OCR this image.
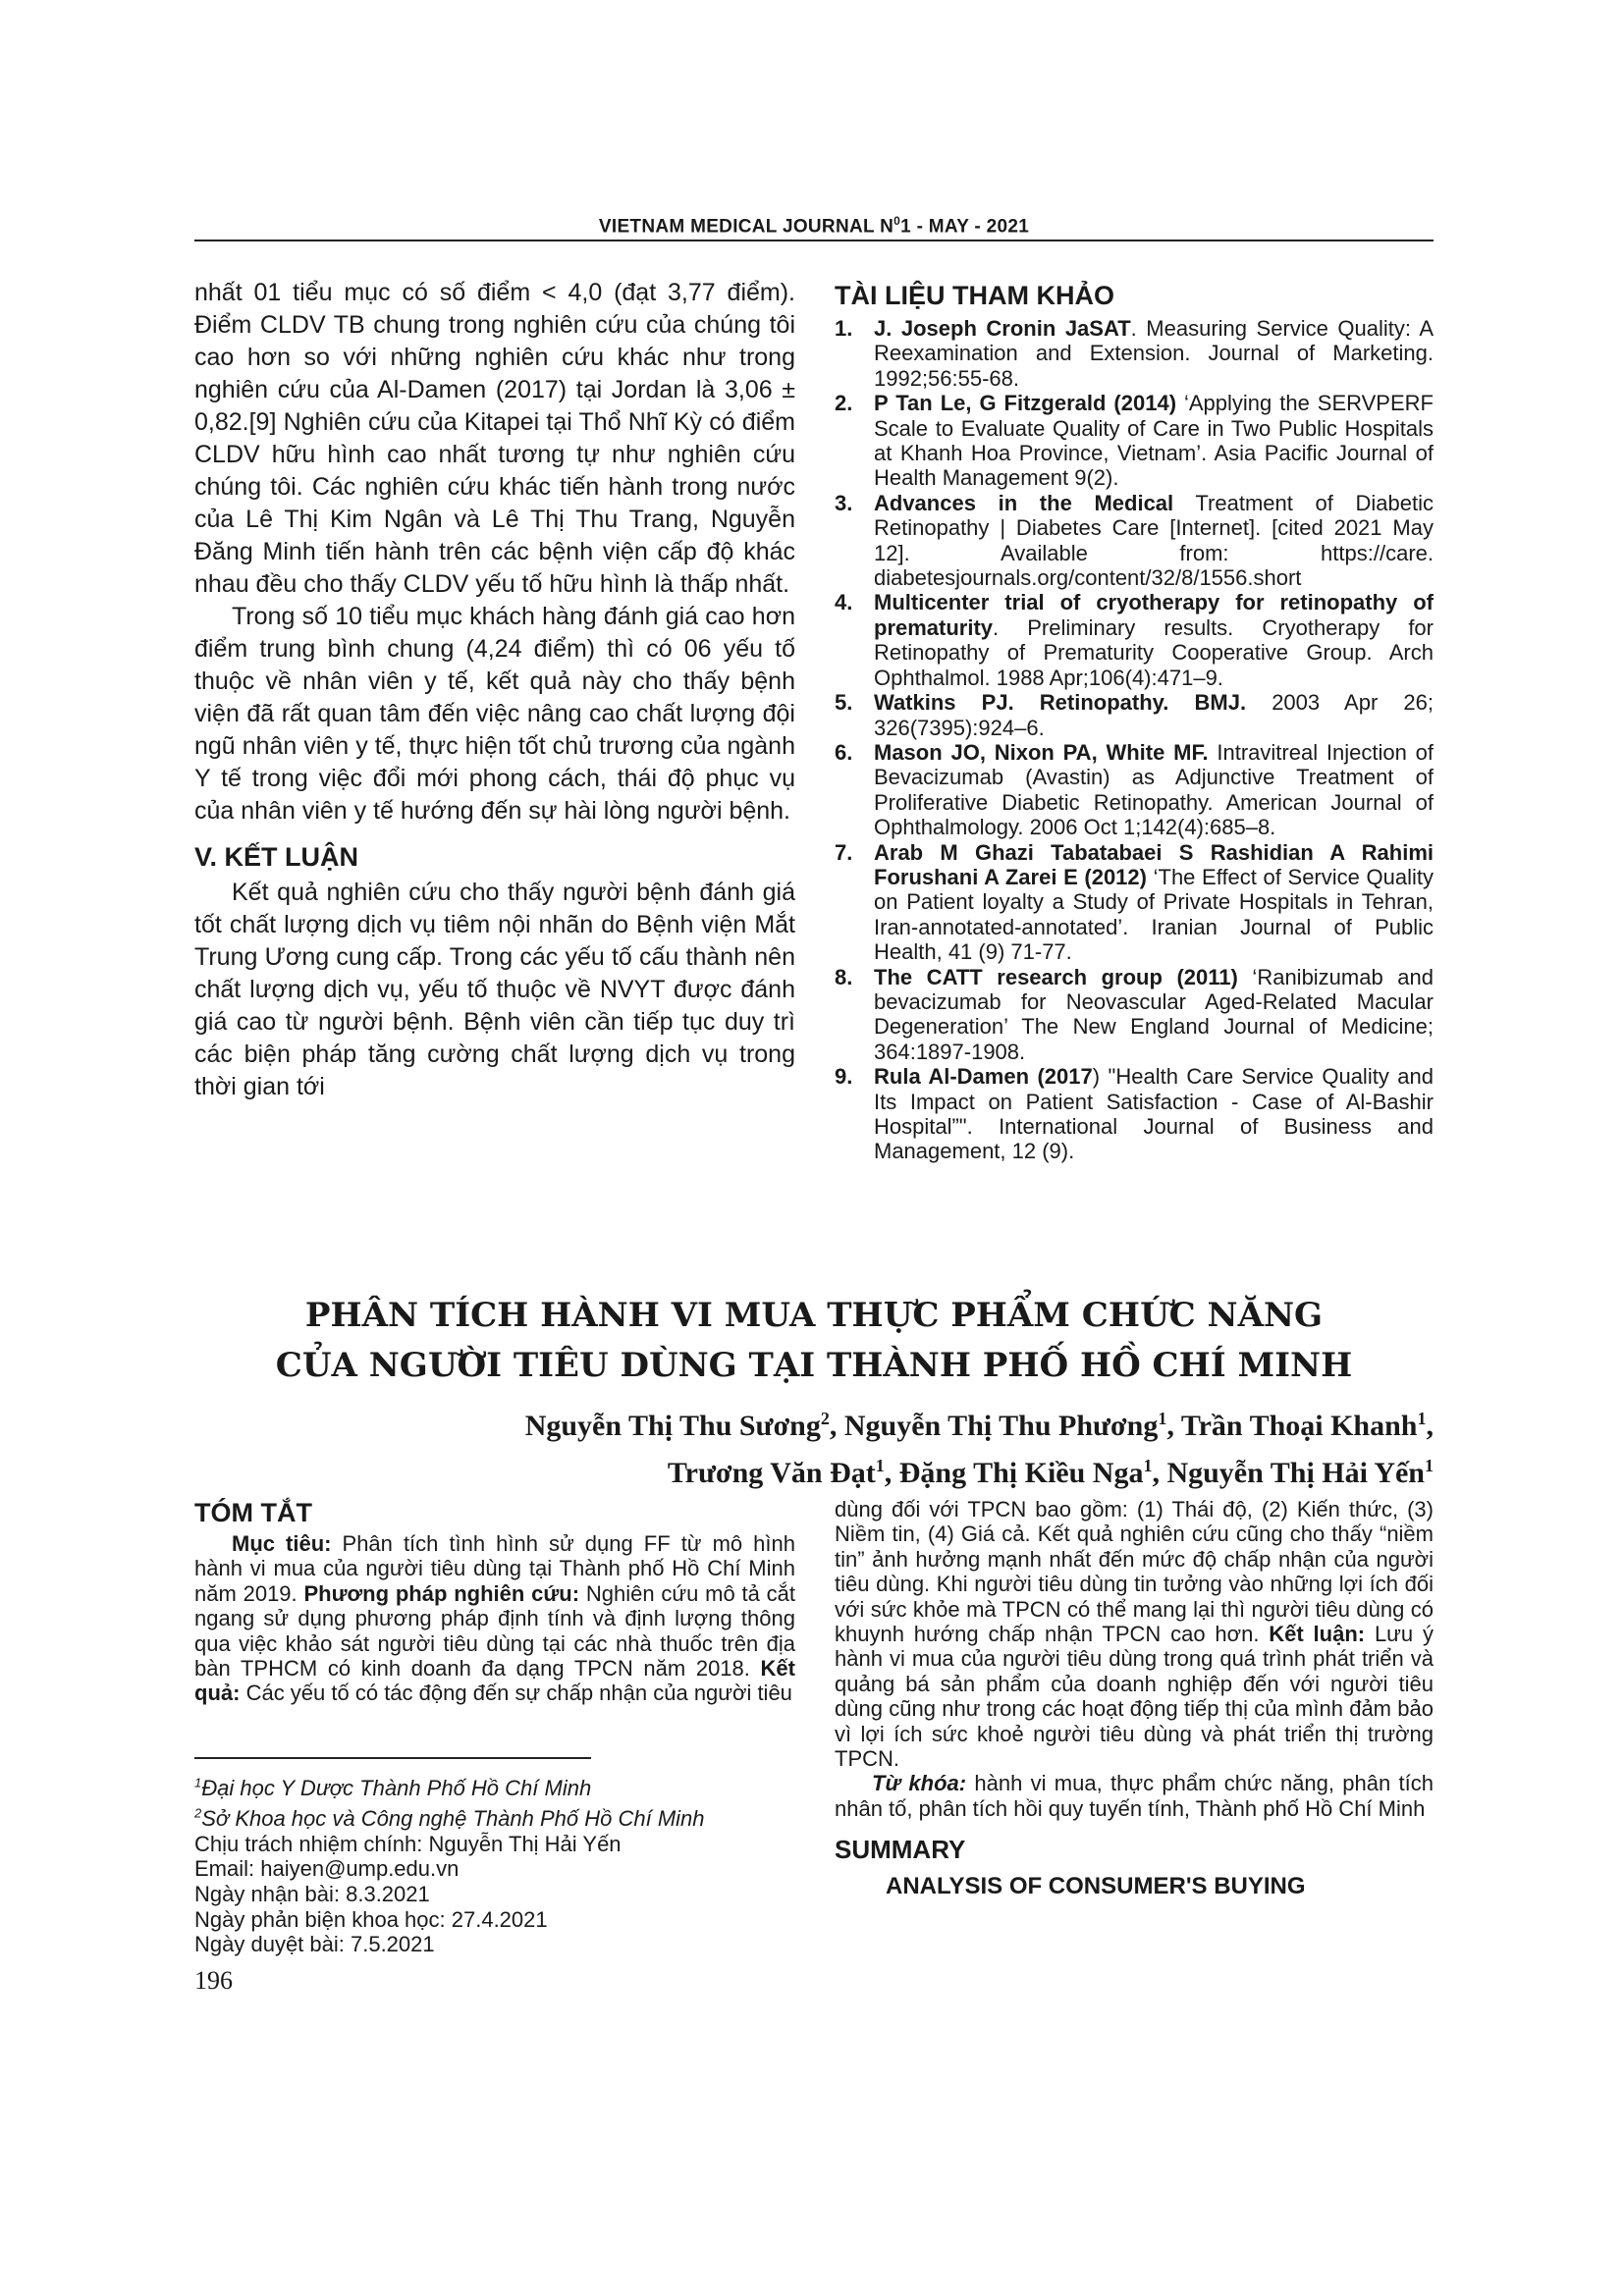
VIETNAM MEDICAL JOURNAL $N^01$ - MAY - 2021

nhất 01 tiểu mục có số điểm < 4,0 (đạt 3,77 điểm). Điểm CLDV TB chung trong nghiên cứu của chúng tôi cao hơn so với những nghiên cứu khác như trong nghiên cứu của Al-Damen (2017) tại Jordan là 3,06 ± 0,82.[9] Nghiên cứu của Kitapei tại Thổ Nhĩ Kỳ có điểm CLDV hữu hình cao nhất tương tự như nghiên cứu chúng tôi. Các nghiên cứu khác tiến hành trong nước của Lê Thị Kim Ngân và Lê Thị Thu Trang, Nguyễn Đăng Minh tiến hành trên các bệnh viện cấp độ khác nhau đều cho thấy CLDV yếu tố hữu hình là thấp nhất.

Trong số 10 tiểu mục khách hàng đánh giá cao hơn điểm trung bình chung (4,24 điểm) thì có 06 yếu tố thuộc về nhân viên y tế, kết quả này cho thấy bệnh viện đã rất quan tâm đến việc nâng cao chất lượng đội ngũ nhân viên y tế, thực hiện tốt chủ trương của ngành Y tế trong việc đổi mới phong cách, thái độ phục vụ của nhân viên y tế hướng đến sự hài lòng người bệnh.

V. KẾT LUẬN

Kết quả nghiên cứu cho thấy người bệnh đánh giá tốt chất lượng dịch vụ tiêm nội nhãn do Bệnh viện Mắt Trung Ương cung cấp. Trong các yếu tố cấu thành nên chất lượng dịch vụ, yếu tố thuộc về NVYT được đánh giá cao từ người bệnh. Bệnh viên cần tiếp tục duy trì các biện pháp tăng cường chất lượng dịch vụ trong thời gian tới

TÀI LIỆU THAM KHẢO
1. J. Joseph Cronin JaSAT. Measuring Service Quality: A Reexamination and Extension. Journal of Marketing. 1992;56:55-68.
2. P Tan Le, G Fitzgerald (2014) ‘Applying the SERVPERF Scale to Evaluate Quality of Care in Two Public Hospitals at Khanh Hoa Province, Vietnam’. Asia Pacific Journal of Health Management 9(2).
3. Advances in the Medical Treatment of Diabetic Retinopathy | Diabetes Care [Internet]. [cited 2021 May 12]. Available from: https://care. diabetesjournals.org/content/32/8/1556.short
4. Multicenter trial of cryotherapy for retinopathy of prematurity. Preliminary results. Cryotherapy for Retinopathy of Prematurity Cooperative Group. Arch Ophthalmol. 1988 Apr;106(4):471–9.
5. Watkins PJ. Retinopathy. BMJ. 2003 Apr 26; 326(7395):924–6.
6. Mason JO, Nixon PA, White MF. Intravitreal Injection of Bevacizumab (Avastin) as Adjunctive Treatment of Proliferative Diabetic Retinopathy. American Journal of Ophthalmology. 2006 Oct 1;142(4):685–8.
7. Arab M Ghazi Tabatabaei S Rashidian A Rahimi Forushani A Zarei E (2012) ‘The Effect of Service Quality on Patient loyalty a Study of Private Hospitals in Tehran, Iran-annotated-annotated’. Iranian Journal of Public Health, 41 (9) 71-77.
8. The CATT research group (2011) ‘Ranibizumab and bevacizumab for Neovascular Aged-Related Macular Degeneration’ The New England Journal of Medicine; 364:1897-1908.
9. Rula Al-Damen (2017) "Health Care Service Quality and Its Impact on Patient Satisfaction - Case of Al-Bashir Hospital”". International Journal of Business and Management, 12 (9).
PHÂN TÍCH HÀNH VI MUA THỰC PHẨM CHỨC NĂNG
CỦA NGƯỜI TIÊU DÙNG TẠI THÀNH PHỐ HỒ CHÍ MINH
Nguyễn Thị Thu Sương$^2$, Nguyễn Thị Thu Phương$^1$, Trần Thoại Khanh$^1$,
Trương Văn Đạt$^1$, Đặng Thị Kiều Nga$^1$, Nguyễn Thị Hải Yến$^1$
TÓM TẮT

Mục tiêu: Phân tích tình hình sử dụng FF từ mô hình hành vi mua của người tiêu dùng tại Thành phố Hồ Chí Minh năm 2019. Phương pháp nghiên cứu: Nghiên cứu mô tả cắt ngang sử dụng phương pháp định tính và định lượng thông qua việc khảo sát người tiêu dùng tại các nhà thuốc trên địa bàn TPHCM có kinh doanh đa dạng TPCN năm 2018. Kết quả: Các yếu tố có tác động đến sự chấp nhận của người tiêu

dùng đối với TPCN bao gồm: (1) Thái độ, (2) Kiến thức, (3) Niềm tin, (4) Giá cả. Kết quả nghiên cứu cũng cho thấy “niềm tin” ảnh hưởng mạnh nhất đến mức độ chấp nhận của người tiêu dùng. Khi người tiêu dùng tin tưởng vào những lợi ích đối với sức khỏe mà TPCN có thể mang lại thì người tiêu dùng có khuynh hướng chấp nhận TPCN cao hơn. Kết luận: Lưu ý hành vi mua của người tiêu dùng trong quá trình phát triển và quảng bá sản phẩm của doanh nghiệp đến với người tiêu dùng cũng như trong các hoạt động tiếp thị của mình đảm bảo vì lợi ích sức khoẻ người tiêu dùng và phát triển thị trường TPCN.

Từ khóa: hành vi mua, thực phẩm chức năng, phân tích nhân tố, phân tích hồi quy tuyến tính, Thành phố Hồ Chí Minh

SUMMARY
ANALYSIS OF CONSUMER'S BUYING
$^1$Đại học Y Dược Thành Phố Hồ Chí Minh
$^2$Sở Khoa học và Công nghệ Thành Phố Hồ Chí Minh
Chịu trách nhiệm chính: Nguyễn Thị Hải Yến
Email: haiyen@ump.edu.vn
Ngày nhận bài: 8.3.2021
Ngày phản biện khoa học: 27.4.2021
Ngày duyệt bài: 7.5.2021
196
